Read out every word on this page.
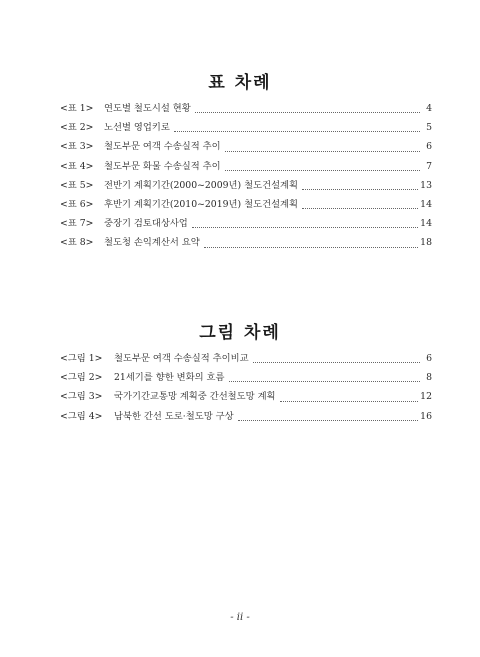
표 차례
<표 1>	연도별 철도시설 현황	4
<표 2>	노선별 영업키로	5
<표 3>	철도부문 여객 수송실적 추이	6
<표 4>	철도부문 화물 수송실적 추이	7
<표 5>	전반기 계획기간(2000~2009년) 철도건설계획	13
<표 6>	후반기 계획기간(2010~2019년) 철도건설계획	14
<표 7>	중장기 검토대상사업	14
<표 8>	철도청 손익계산서 요약	18
그림 차례
<그림 1>	철도부문 여객 수송실적 추이비교	6
<그림 2>	21세기를 향한 변화의 흐름	8
<그림 3>	국가기간교통망 계획중 간선철도망 계획	12
<그림 4>	남북한 간선 도로·철도망 구상	16
- ii -
